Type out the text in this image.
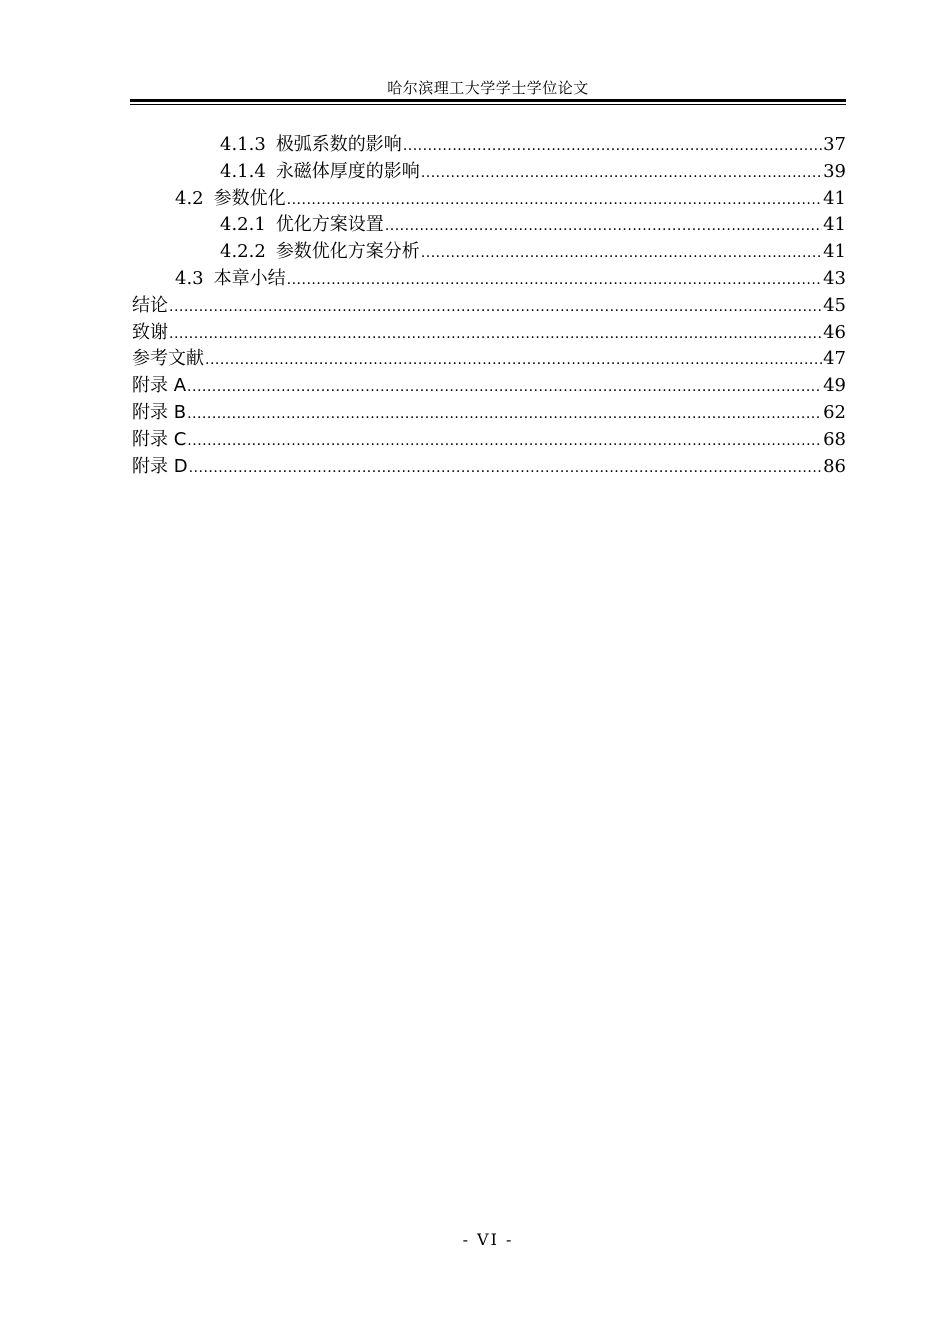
哈尔滨理工大学学士学位论文
4.1.3 极弧系数的影响 .....	37
4.1.4 永磁体厚度的影响 .....	39
4.2 参数优化 .....	41
4.2.1 优化方案设置 .....	41
4.2.2 参数优化方案分析 .....	41
4.3 本章小结 .....	43
结论 .....	45
致谢 .....	46
参考文献 .....	47
附录 A .....	49
附录 B .....	62
附录 C .....	68
附录 D .....	86
- VI -
